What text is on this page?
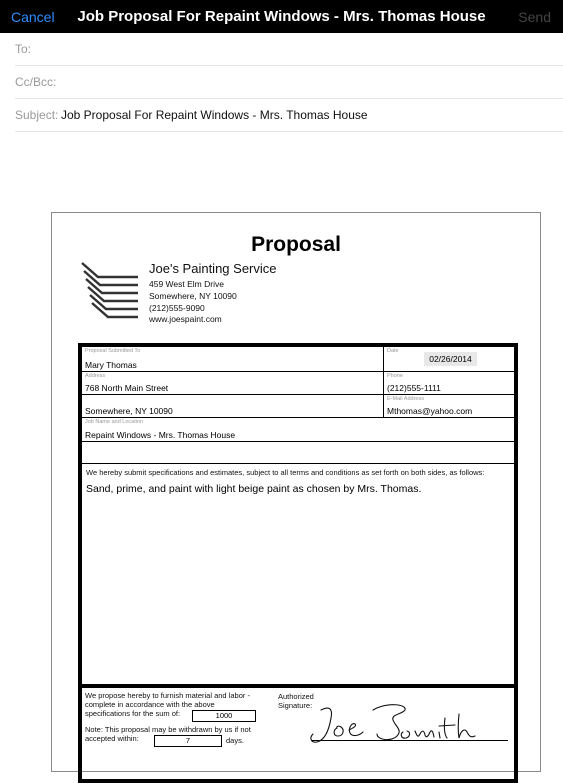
Cancel	Job Proposal For Repaint Windows - Mrs. Thomas House	Send
To:
Cc/Bcc:
Subject: Job Proposal For Repaint Windows - Mrs. Thomas House
Proposal
Joe's Painting Service
459 West Elm Drive
Somewhere, NY 10090
(212)555-9090
www.joespaint.com
Proposal Submitted To
Mary Thomas
Date
02/26/2014
Address
768 North Main Street
Phone
(212)555-1111
Somewhere, NY 10090
E-Mail Address
Mthomas@yahoo.com
Job Name and Location
Repaint Windows - Mrs. Thomas House
We hereby submit specifications and estimates, subject to all terms and conditions as set forth on both sides, as follows:
Sand, prime, and paint with light beige paint as chosen by Mrs. Thomas.
We propose hereby to furnish material and labor -
complete in accordance with the above
specifications for the sum of:	1000
Note: This proposal may be withdrawn by us if not
accepted within:	7	days.
Authorized
Signature:
